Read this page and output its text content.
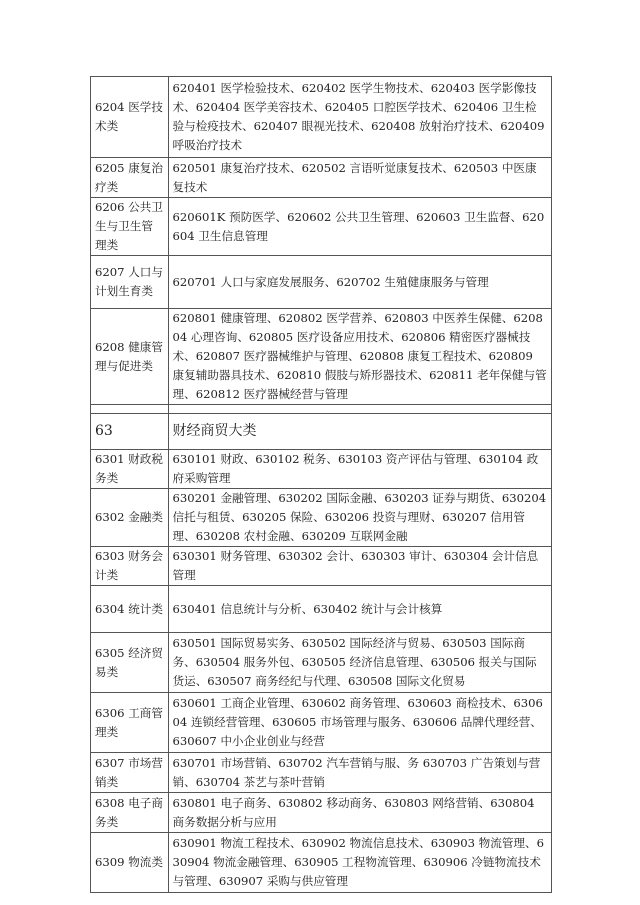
6204 医学技术类	620401 医学检验技术、620402 医学生物技术、620403 医学影像技术、620404 医学美容技术、620405 口腔医学技术、620406 卫生检验与检疫技术、620407 眼视光技术、620408 放射治疗技术、620409 呼吸治疗技术
6205 康复治疗类	620501 康复治疗技术、620502 言语听觉康复技术、620503 中医康复技术
6206 公共卫生与卫生管理类	620601K 预防医学、620602 公共卫生管理、620603 卫生监督、620604 卫生信息管理
6207 人口与计划生育类	620701 人口与家庭发展服务、620702 生殖健康服务与管理
6208 健康管理与促进类	620801 健康管理、620802 医学营养、620803 中医养生保健、620804 心理咨询、620805 医疗设备应用技术、620806 精密医疗器械技术、620807 医疗器械维护与管理、620808 康复工程技术、620809 康复辅助器具技术、620810 假肢与矫形器技术、620811 老年保健与管理、620812 医疗器械经营与管理

63	财经商贸大类
6301 财政税务类	630101 财政、630102 税务、630103 资产评估与管理、630104 政府采购管理
6302 金融类	630201 金融管理、630202 国际金融、630203 证券与期货、630204 信托与租赁、630205 保险、630206 投资与理财、630207 信用管理、630208 农村金融、630209 互联网金融
6303 财务会计类	630301 财务管理、630302 会计、630303 审计、630304 会计信息管理
6304 统计类	630401 信息统计与分析、630402 统计与会计核算
6305 经济贸易类	630501 国际贸易实务、630502 国际经济与贸易、630503 国际商务、630504 服务外包、630505 经济信息管理、630506 报关与国际货运、630507 商务经纪与代理、630508 国际文化贸易
6306 工商管理类	630601 工商企业管理、630602 商务管理、630603 商检技术、630604 连锁经营管理、630605 市场管理与服务、630606 品牌代理经营、630607 中小企业创业与经营
6307 市场营销类	630701 市场营销、630702 汽车营销与服、务 630703 广告策划与营销、630704 茶艺与茶叶营销
6308 电子商务类	630801 电子商务、630802 移动商务、630803 网络营销、630804 商务数据分析与应用
6309 物流类	630901 物流工程技术、630902 物流信息技术、630903 物流管理、630904 物流金融管理、630905 工程物流管理、630906 冷链物流技术与管理、630907 采购与供应管理
